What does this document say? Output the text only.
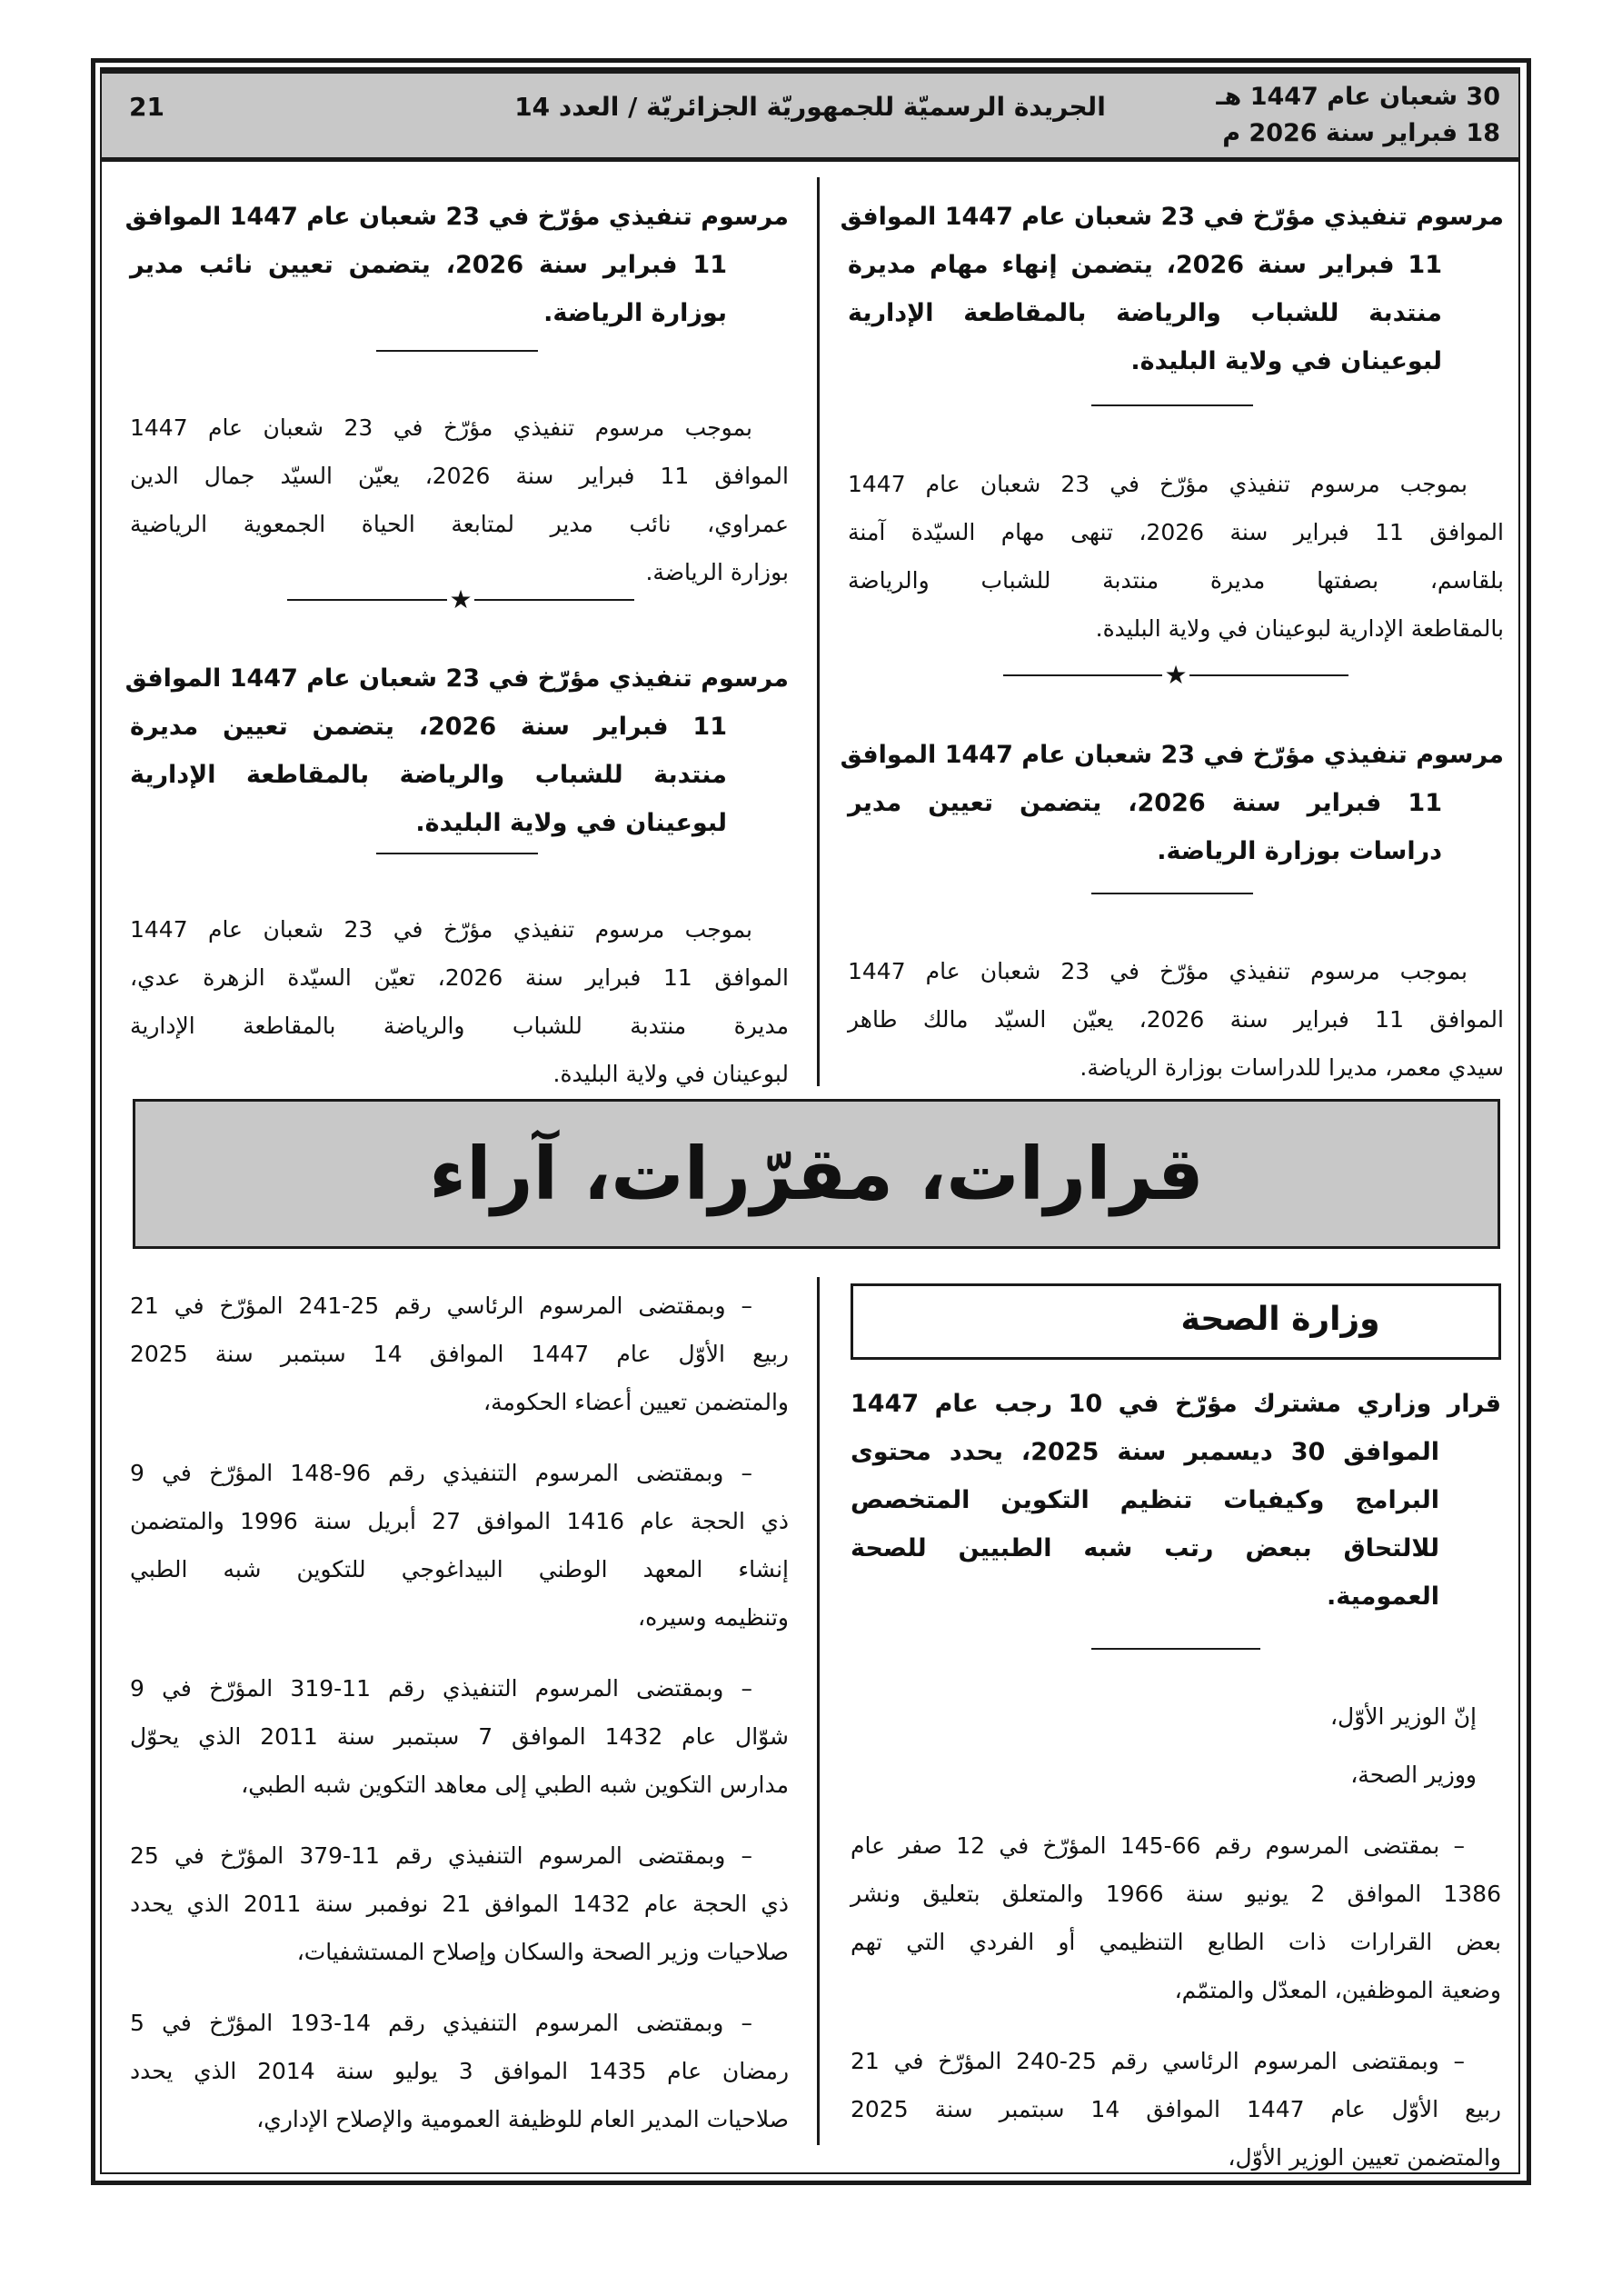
30 شعبان عام 1447 هـ
18 فبراير سنة 2026 م
الجريدة الرسميّة للجمهوريّة الجزائريّة / العدد 14
21
مرسوم تنفيذي مؤرّخ في 23 شعبان عام 1447 الموافق
11 فبراير سنة 2026، يتضمن إنهاء مهام مديرة
منتدبة للشباب والرياضة بالمقاطعة الإدارية
لبوعينان في ولاية البليدة.
بموجب مرسوم تنفيذي مؤرّخ في 23 شعبان عام 1447
الموافق 11 فبراير سنة 2026، تنهى مهام السيّدة آمنة
بلقاسم، بصفتها مديرة منتدبة للشباب والرياضة
بالمقاطعة الإدارية لبوعينان في ولاية البليدة.
★
مرسوم تنفيذي مؤرّخ في 23 شعبان عام 1447 الموافق
11 فبراير سنة 2026، يتضمن تعيين مدير
دراسات بوزارة الرياضة.
بموجب مرسوم تنفيذي مؤرّخ في 23 شعبان عام 1447
الموافق 11 فبراير سنة 2026، يعيّن السيّد مالك طاهر
سيدي معمر، مديرا للدراسات بوزارة الرياضة.
مرسوم تنفيذي مؤرّخ في 23 شعبان عام 1447 الموافق
11 فبراير سنة 2026، يتضمن تعيين نائب مدير
بوزارة الرياضة.
بموجب مرسوم تنفيذي مؤرّخ في 23 شعبان عام 1447
الموافق 11 فبراير سنة 2026، يعيّن السيّد جمال الدين
عمراوي، نائب مدير لمتابعة الحياة الجمعوية الرياضية
بوزارة الرياضة.
★
مرسوم تنفيذي مؤرّخ في 23 شعبان عام 1447 الموافق
11 فبراير سنة 2026، يتضمن تعيين مديرة
منتدبة للشباب والرياضة بالمقاطعة الإدارية
لبوعينان في ولاية البليدة.
بموجب مرسوم تنفيذي مؤرّخ في 23 شعبان عام 1447
الموافق 11 فبراير سنة 2026، تعيّن السيّدة الزهرة عدي،
مديرة منتدبة للشباب والرياضة بالمقاطعة الإدارية
لبوعينان في ولاية البليدة.
قرارات، مقرّرات، آراء
وزارة الصحة
قرار وزاري مشترك مؤرّخ في 10 رجب عام 1447
الموافق 30 ديسمبر سنة 2025، يحدد محتوى
البرامج وكيفيات تنظيم التكوين المتخصص
للالتحاق ببعض رتب شبه الطبيين للصحة
العمومية.
إنّ الوزير الأوّل،
ووزير الصحة،
– بمقتضى المرسوم رقم 66-145 المؤرّخ في 12 صفر عام
1386 الموافق 2 يونيو سنة 1966 والمتعلق بتعليق ونشر
بعض القرارات ذات الطابع التنظيمي أو الفردي التي تهم
وضعية الموظفين، المعدّل والمتمّم،
– وبمقتضى المرسوم الرئاسي رقم 25-240 المؤرّخ في 21
ربيع الأوّل عام 1447 الموافق 14 سبتمبر سنة 2025
والمتضمن تعيين الوزير الأوّل،
– وبمقتضى المرسوم الرئاسي رقم 25-241 المؤرّخ في 21
ربيع الأوّل عام 1447 الموافق 14 سبتمبر سنة 2025
والمتضمن تعيين أعضاء الحكومة،
– وبمقتضى المرسوم التنفيذي رقم 96-148 المؤرّخ في 9
ذي الحجة عام 1416 الموافق 27 أبريل سنة 1996 والمتضمن
إنشاء المعهد الوطني البيداغوجي للتكوين شبه الطبي
وتنظيمه وسيره،
– وبمقتضى المرسوم التنفيذي رقم 11-319 المؤرّخ في 9
شوّال عام 1432 الموافق 7 سبتمبر سنة 2011 الذي يحوّل
مدارس التكوين شبه الطبي إلى معاهد التكوين شبه الطبي،
– وبمقتضى المرسوم التنفيذي رقم 11-379 المؤرّخ في 25
ذي الحجة عام 1432 الموافق 21 نوفمبر سنة 2011 الذي يحدد
صلاحيات وزير الصحة والسكان وإصلاح المستشفيات،
– وبمقتضى المرسوم التنفيذي رقم 14-193 المؤرّخ في 5
رمضان عام 1435 الموافق 3 يوليو سنة 2014 الذي يحدد
صلاحيات المدير العام للوظيفة العمومية والإصلاح الإداري،
